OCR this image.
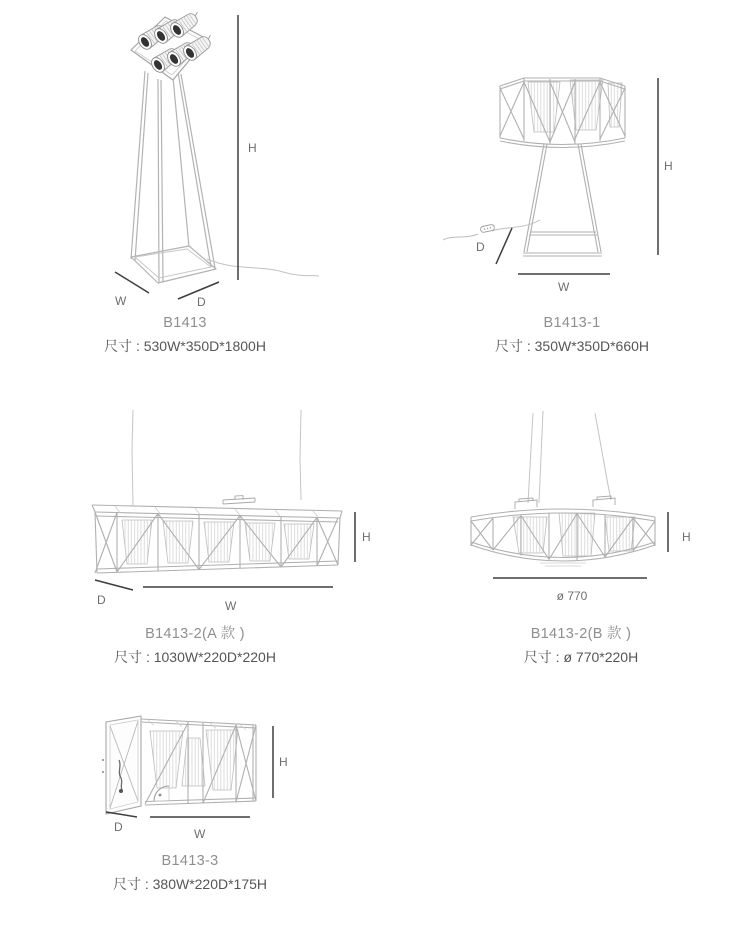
H
W	D
B1413
尺寸 : 530W*350D*1800H
H
W
D
B1413-1
尺寸 : 350W*350D*660H
D	W
H
B1413-2(A 款 )
尺寸 : 1030W*220D*220H
ø 770
H
B1413-2(B 款 )
尺寸 : ø 770*220H
D	W
H
B1413-3
尺寸 : 380W*220D*175H
